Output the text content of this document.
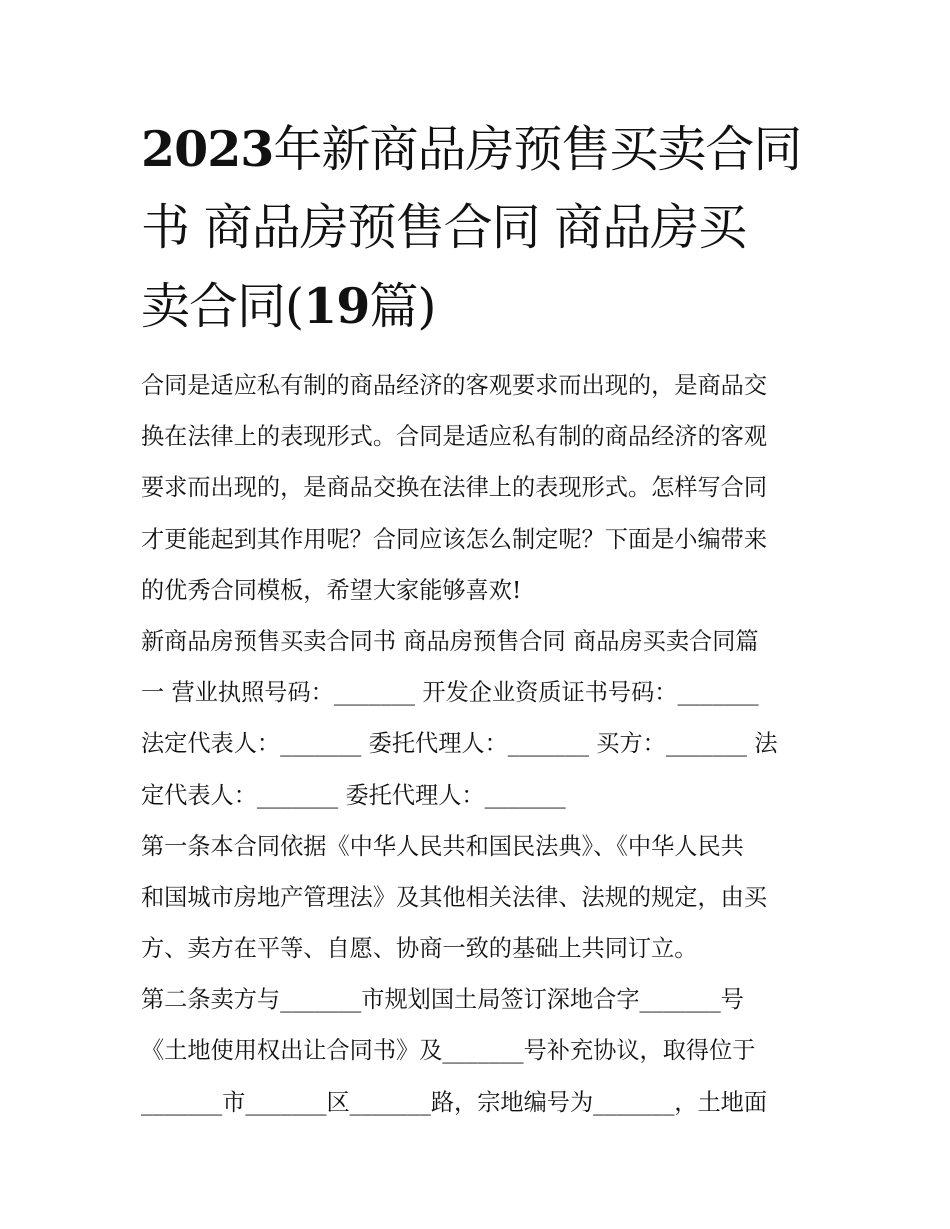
2023年新商品房预售买卖合同
书 商品房预售合同 商品房买
卖合同(19篇)
合同是适应私有制的商品经济的客观要求而出现的，是商品交
换在法律上的表现形式。合同是适应私有制的商品经济的客观
要求而出现的，是商品交换在法律上的表现形式。怎样写合同
才更能起到其作用呢？合同应该怎么制定呢？下面是小编带来
的优秀合同模板，希望大家能够喜欢!
新商品房预售买卖合同书 商品房预售合同 商品房买卖合同篇
一 营业执照号码：_______ 开发企业资质证书号码：_______
法定代表人：_______ 委托代理人：_______ 买方：_______ 法
定代表人：_______ 委托代理人：_______
第一条本合同依据《中华人民共和国民法典》、《中华人民共
和国城市房地产管理法》及其他相关法律、法规的规定，由买
方、卖方在平等、自愿、协商一致的基础上共同订立。
第二条卖方与_______市规划国土局签订深地合字_______号
《土地使用权出让合同书》及_______号补充协议，取得位于
_______市_______区_______路，宗地编号为_______，土地面
